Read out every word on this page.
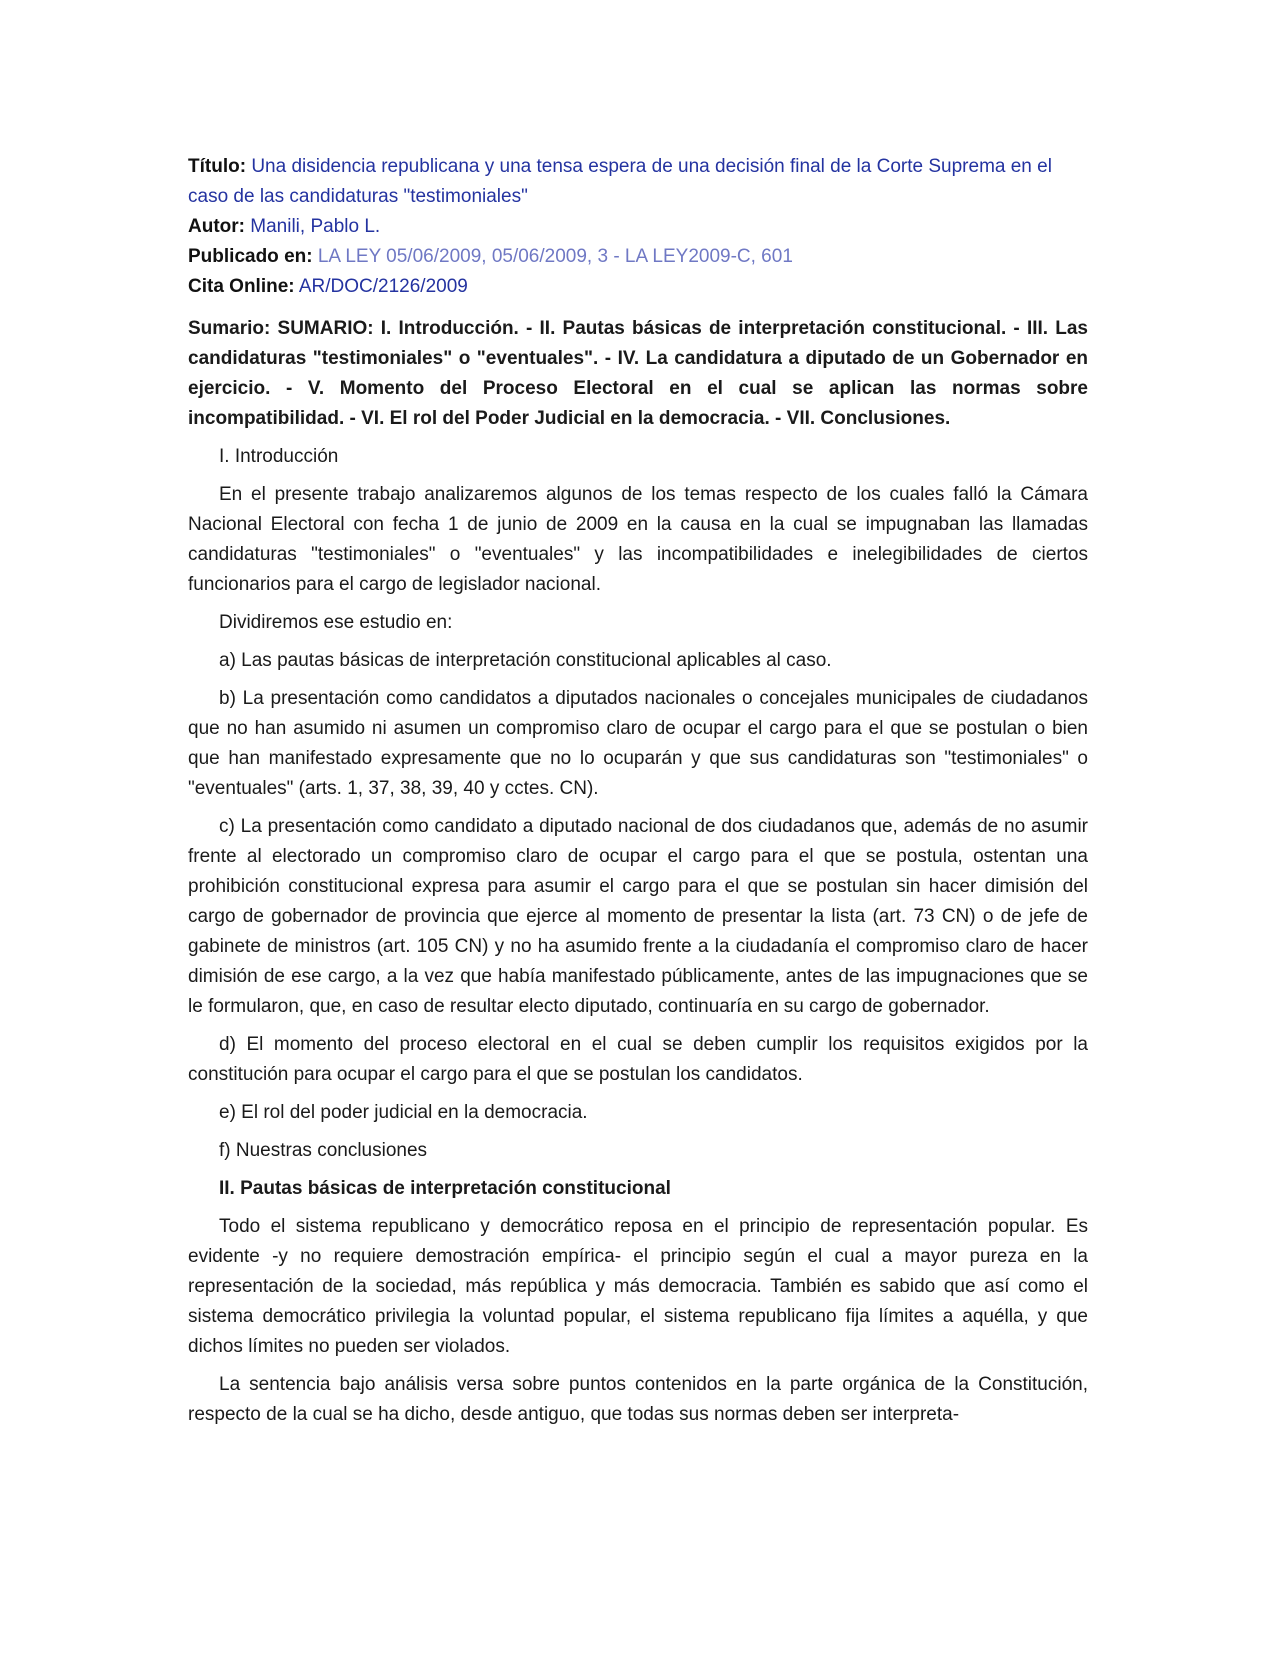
Título: Una disidencia republicana y una tensa espera de una decisión final de la Corte Suprema en el caso de las candidaturas "testimoniales"
Autor: Manili, Pablo L.
Publicado en: LA LEY 05/06/2009, 05/06/2009, 3 - LA LEY2009-C, 601
Cita Online: AR/DOC/2126/2009
Sumario: SUMARIO: I. Introducción. - II. Pautas básicas de interpretación constitucional. - III. Las candidaturas "testimoniales" o "eventuales". - IV. La candidatura a diputado de un Gobernador en ejercicio. - V. Momento del Proceso Electoral en el cual se aplican las normas sobre incompatibilidad. - VI. El rol del Poder Judicial en la democracia. - VII. Conclusiones.

I. Introducción

En el presente trabajo analizaremos algunos de los temas respecto de los cuales falló la Cámara Nacional Electoral con fecha 1 de junio de 2009 en la causa en la cual se impugnaban las llamadas candidaturas "testimoniales" o "eventuales" y las incompatibilidades e inelegibilidades de ciertos funcionarios para el cargo de legislador nacional.

Dividiremos ese estudio en:

a) Las pautas básicas de interpretación constitucional aplicables al caso.

b) La presentación como candidatos a diputados nacionales o concejales municipales de ciudadanos que no han asumido ni asumen un compromiso claro de ocupar el cargo para el que se postulan o bien que han manifestado expresamente que no lo ocuparán y que sus candidaturas son "testimoniales" o "eventuales" (arts. 1, 37, 38, 39, 40 y cctes. CN).

c) La presentación como candidato a diputado nacional de dos ciudadanos que, además de no asumir frente al electorado un compromiso claro de ocupar el cargo para el que se postula, ostentan una prohibición constitucional expresa para asumir el cargo para el que se postulan sin hacer dimisión del cargo de gobernador de provincia que ejerce al momento de presentar la lista (art. 73 CN) o de jefe de gabinete de ministros (art. 105 CN) y no ha asumido frente a la ciudadanía el compromiso claro de hacer dimisión de ese cargo, a la vez que había manifestado públicamente, antes de las impugnaciones que se le formularon, que, en caso de resultar electo diputado, continuaría en su cargo de gobernador.

d) El momento del proceso electoral en el cual se deben cumplir los requisitos exigidos por la constitución para ocupar el cargo para el que se postulan los candidatos.

e) El rol del poder judicial en la democracia.

f) Nuestras conclusiones

II. Pautas básicas de interpretación constitucional

Todo el sistema republicano y democrático reposa en el principio de representación popular. Es evidente -y no requiere demostración empírica- el principio según el cual a mayor pureza en la representación de la sociedad, más república y más democracia. También es sabido que así como el sistema democrático privilegia la voluntad popular, el sistema republicano fija límites a aquélla, y que dichos límites no pueden ser violados.

La sentencia bajo análisis versa sobre puntos contenidos en la parte orgánica de la Constitución, respecto de la cual se ha dicho, desde antiguo, que todas sus normas deben ser interpreta-
